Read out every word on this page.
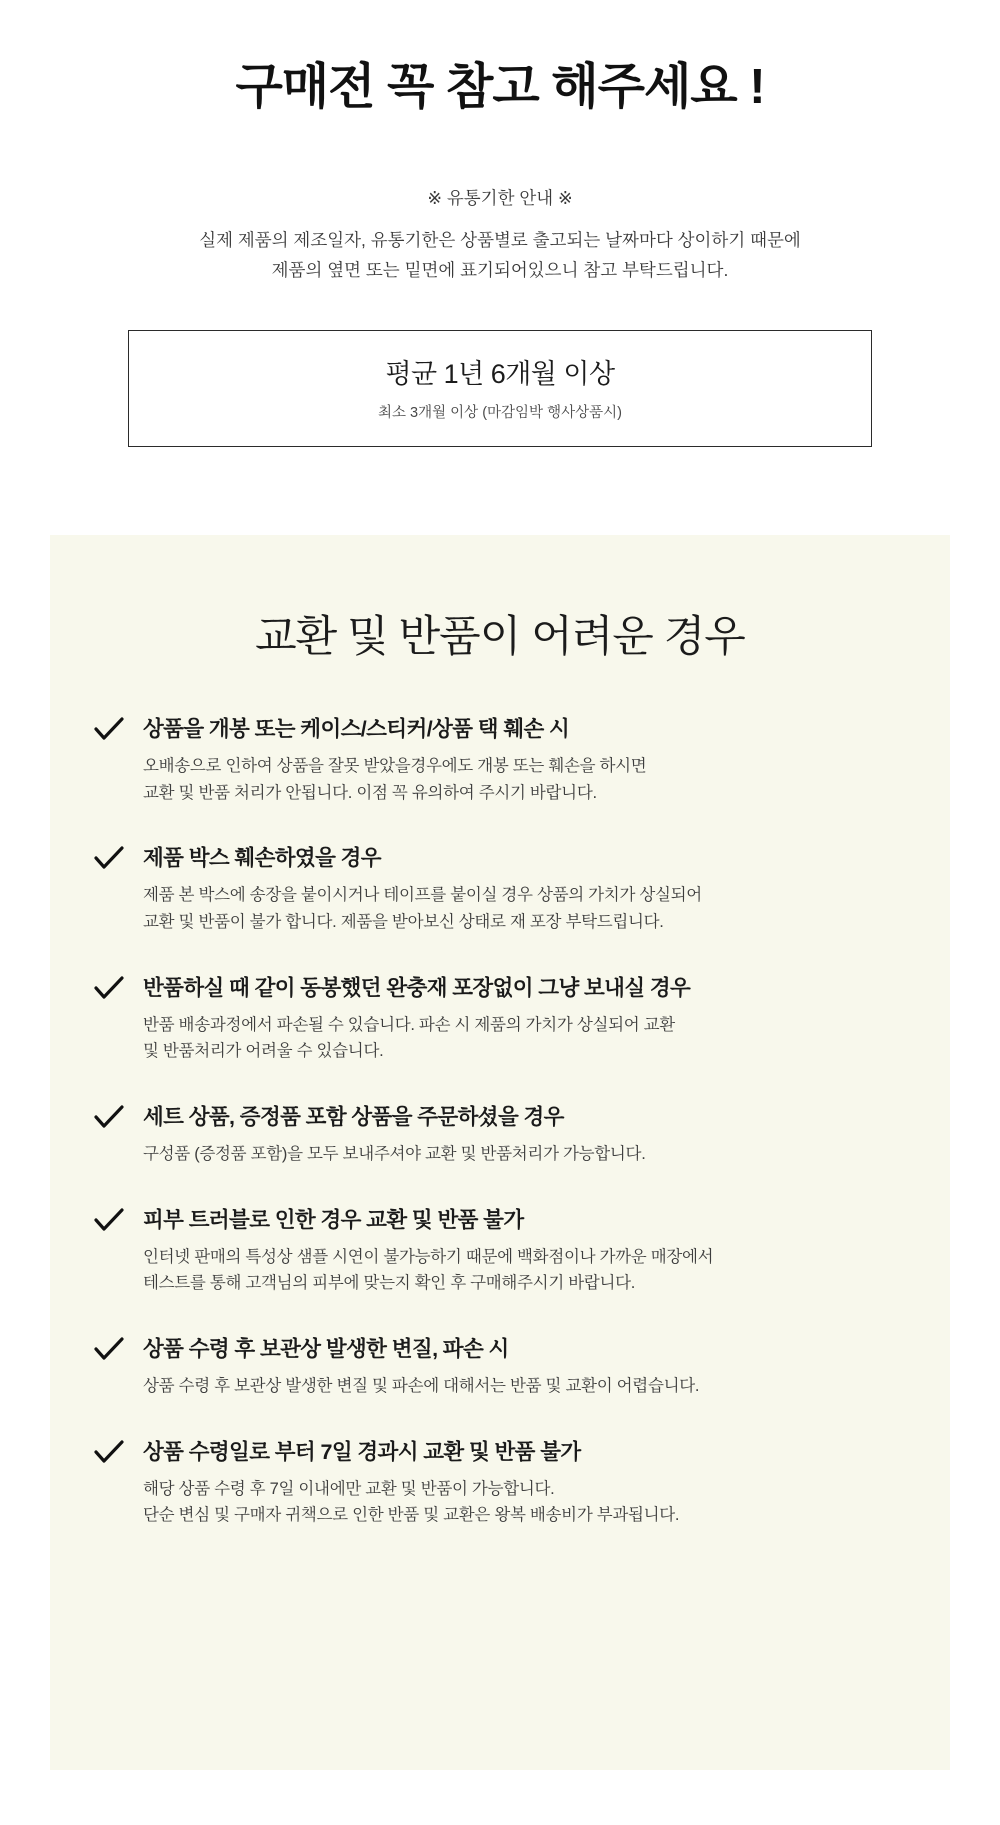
구매전 꼭 참고 해주세요 !
※ 유통기한 안내 ※
실제 제품의 제조일자, 유통기한은 상품별로 출고되는 날짜마다 상이하기 때문에
제품의 옆면 또는 밑면에 표기되어있으니 참고 부탁드립니다.
평균 1년 6개월 이상
최소 3개월 이상 (마감임박 행사상품시)
교환 및 반품이 어려운 경우
상품을 개봉 또는 케이스/스티커/상품 택 훼손 시
오배송으로 인하여 상품을 잘못 받았을경우에도 개봉 또는 훼손을 하시면
교환 및 반품 처리가 안됩니다. 이점 꼭 유의하여 주시기 바랍니다.
제품 박스 훼손하였을 경우
제품 본 박스에 송장을 붙이시거나 테이프를 붙이실 경우 상품의 가치가 상실되어
교환 및 반품이 불가 합니다. 제품을 받아보신 상태로 재 포장 부탁드립니다.
반품하실 때 같이 동봉했던 완충재 포장없이 그냥 보내실 경우
반품 배송과정에서 파손될 수 있습니다. 파손 시 제품의 가치가 상실되어 교환
및 반품처리가 어려울 수 있습니다.
세트 상품, 증정품 포함 상품을 주문하셨을 경우
구성품 (증정품 포함)을 모두 보내주셔야 교환 및 반품처리가 가능합니다.
피부 트러블로 인한 경우 교환 및 반품 불가
인터넷 판매의 특성상 샘플 시연이 불가능하기 때문에 백화점이나 가까운 매장에서
테스트를 통해 고객님의 피부에 맞는지 확인 후 구매해주시기 바랍니다.
상품 수령 후 보관상 발생한 변질, 파손 시
상품 수령 후 보관상 발생한 변질 및 파손에 대해서는 반품 및 교환이 어렵습니다.
상품 수령일로 부터 7일 경과시 교환 및 반품 불가
해당 상품 수령 후 7일 이내에만 교환 및 반품이 가능합니다.
단순 변심 및 구매자 귀책으로 인한 반품 및 교환은 왕복 배송비가 부과됩니다.
